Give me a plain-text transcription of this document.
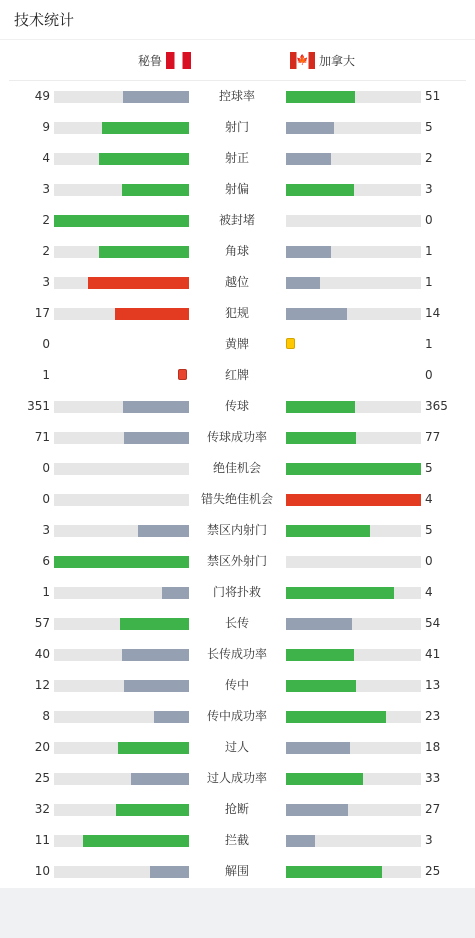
技术统计
秘鲁	🍁 加拿大
49	控球率	51
9	射门	5
4	射正	2
3	射偏	3
2	被封堵	0
2	角球	1
3	越位	1
17	犯规	14
0	黄牌	1
1	红牌	0
351	传球	365
71	传球成功率	77
0	绝佳机会	5
0	错失绝佳机会	4
3	禁区内射门	5
6	禁区外射门	0
1	门将扑救	4
57	长传	54
40	长传成功率	41
12	传中	13
8	传中成功率	23
20	过人	18
25	过人成功率	33
32	抢断	27
11	拦截	3
10	解围	25
